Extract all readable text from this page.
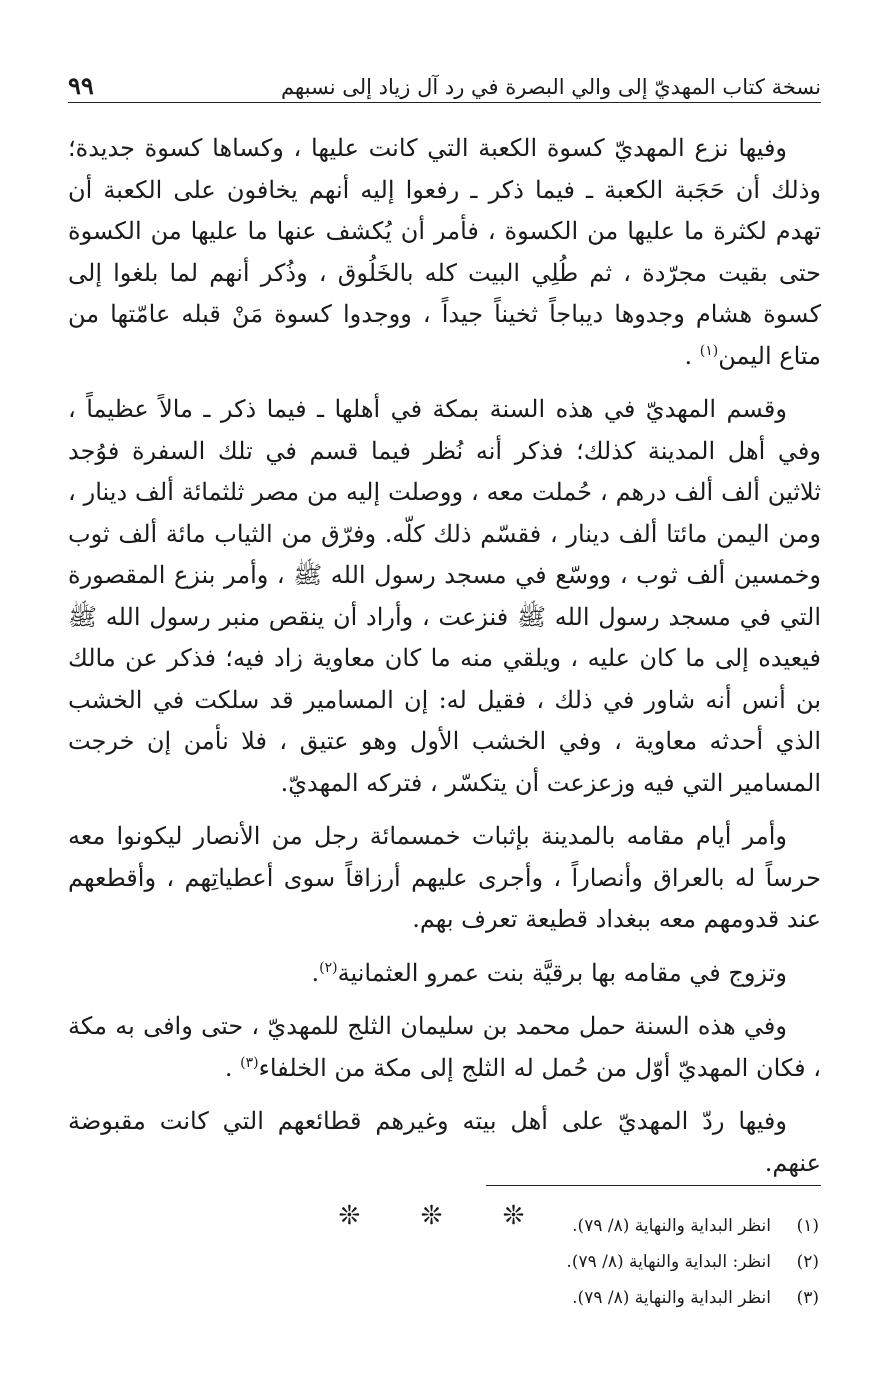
نسخة كتاب المهديّ إلى والي البصرة في رد آل زياد إلى نسبهم
٩٩

وفيها نزع المهديّ كسوة الكعبة التي كانت عليها ، وكساها كسوة جديدة؛ وذلك أن حَجَبة الكعبة ـ فيما ذكر ـ رفعوا إليه أنهم يخافون على الكعبة أن تهدم لكثرة ما عليها من الكسوة ، فأمر أن يُكشف عنها ما عليها من الكسوة حتى بقيت مجرّدة ، ثم طُلِي البيت كله بالخَلُوق ، وذُكر أنهم لما بلغوا إلى كسوة هشام وجدوها ديباجاً ثخيناً جيداً ، ووجدوا كسوة مَنْ قبله عامّتها من متاع اليمن$^{(١)}$ .

وقسم المهديّ في هذه السنة بمكة في أهلها ـ فيما ذكر ـ مالاً عظيماً ، وفي أهل المدينة كذلك؛ فذكر أنه نُظر فيما قسم في تلك السفرة فوُجد ثلاثين ألف ألف درهم ، حُملت معه ، ووصلت إليه من مصر ثلثمائة ألف دينار ، ومن اليمن مائتا ألف دينار ، فقسّم ذلك كلّه. وفرّق من الثياب مائة ألف ثوب وخمسين ألف ثوب ، ووسّع في مسجد رسول الله ﷺ ، وأمر بنزع المقصورة التي في مسجد رسول الله ﷺ فنزعت ، وأراد أن ينقص منبر رسول الله ﷺ فيعيده إلى ما كان عليه ، ويلقي منه ما كان معاوية زاد فيه؛ فذكر عن مالك بن أنس أنه شاور في ذلك ، فقيل له: إن المسامير قد سلكت في الخشب الذي أحدثه معاوية ، وفي الخشب الأول وهو عتيق ، فلا نأمن إن خرجت المسامير التي فيه وزعزعت أن يتكسّر ، فتركه المهديّ.

وأمر أيام مقامه بالمدينة بإثبات خمسمائة رجل من الأنصار ليكونوا معه حرساً له بالعراق وأنصاراً ، وأجرى عليهم أرزاقاً سوى أعطياتِهم ، وأقطعهم عند قدومهم معه ببغداد قطيعة تعرف بهم.

وتزوج في مقامه بها برقيَّة بنت عمرو العثمانية$^{(٢)}$.

وفي هذه السنة حمل محمد بن سليمان الثلج للمهديّ ، حتى وافى به مكة ، فكان المهديّ أوّل من حُمل له الثلج إلى مكة من الخلفاء$^{(٣)}$ .

وفيها ردّ المهديّ على أهل بيته وغيرهم قطائعهم التي كانت مقبوضة عنهم.

❊ ❊ ❊	(١)
انظر البداية والنهاية (٨/ ٧٩).
(٢)
انظر: البداية والنهاية (٨/ ٧٩).
(٣)
انظر البداية والنهاية (٨/ ٧٩).
